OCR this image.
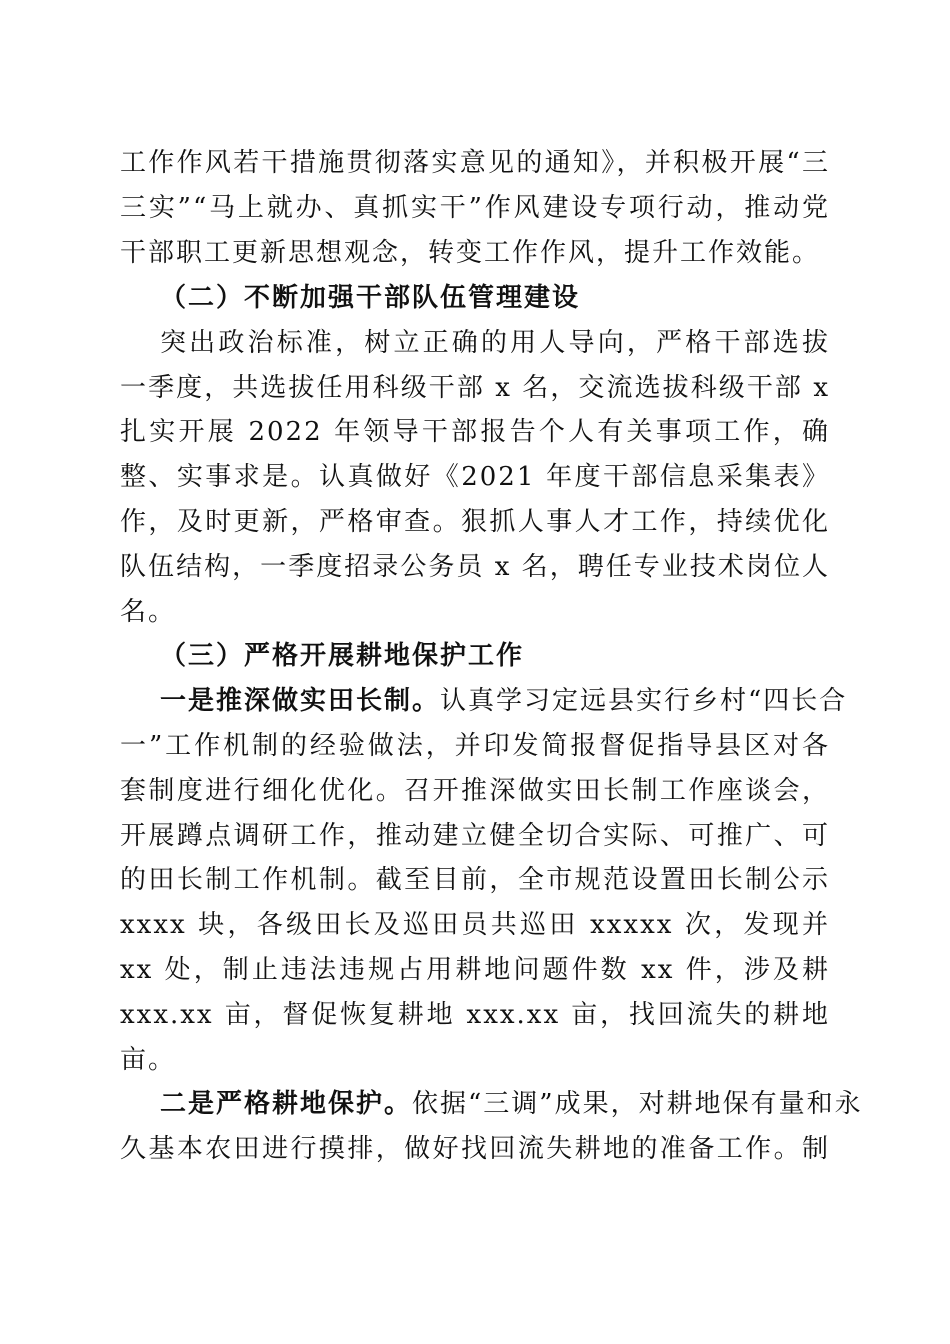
工作作风若干措施贯彻落实意见的通知》，并积极开展“三
三实”“马上就办、真抓实干”作风建设专项行动，推动党
干部职工更新思想观念，转变工作作风，提升工作效能。
（二）不断加强干部队伍管理建设
突出政治标准，树立正确的用人导向，严格干部选拔
一季度，共选拔任用科级干部 x 名，交流选拔科级干部 x
扎实开展 2022 年领导干部报告个人有关事项工作，确
整、实事求是。认真做好《2021 年度干部信息采集表》
作，及时更新，严格审查。狠抓人事人才工作，持续优化
队伍结构，一季度招录公务员 x 名，聘任专业技术岗位人
名。
（三）严格开展耕地保护工作
一是推深做实田长制。认真学习定远县实行乡村“四长合
一”工作机制的经验做法，并印发简报督促指导县区对各
套制度进行细化优化。召开推深做实田长制工作座谈会，
开展蹲点调研工作，推动建立健全切合实际、可推广、可
的田长制工作机制。截至目前，全市规范设置田长制公示
xxxx 块，各级田长及巡田员共巡田 xxxxx 次，发现并
xx 处，制止违法违规占用耕地问题件数 xx 件，涉及耕
xxx.xx 亩，督促恢复耕地 xxx.xx 亩，找回流失的耕地
亩。
二是严格耕地保护。依据“三调”成果，对耕地保有量和永
久基本农田进行摸排，做好找回流失耕地的准备工作。制
